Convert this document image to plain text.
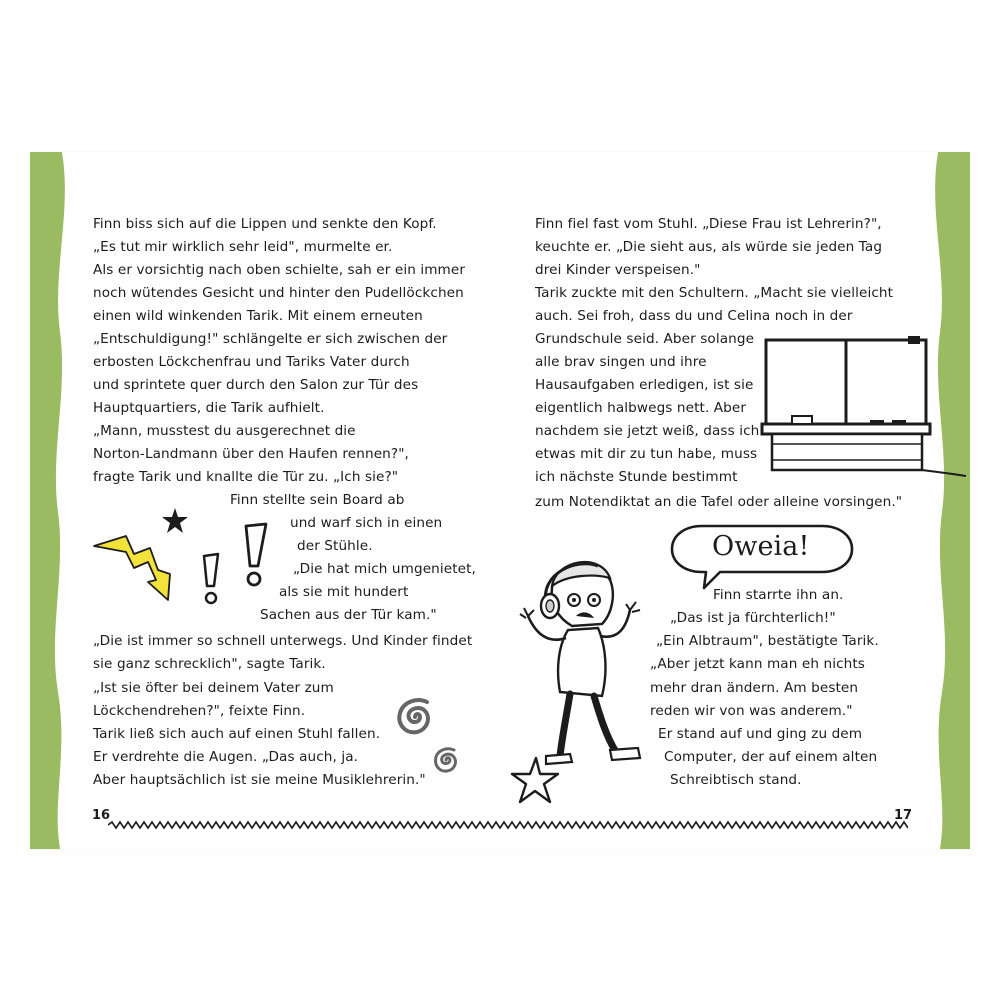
Finn biss sich auf die Lippen und senkte den Kopf.
„Es tut mir wirklich sehr leid", murmelte er.
Als er vorsichtig nach oben schielte, sah er ein immer
noch wütendes Gesicht und hinter den Pudellöckchen
einen wild winkenden Tarik. Mit einem erneuten
„Entschuldigung!" schlängelte er sich zwischen der
erbosten Löckchenfrau und Tariks Vater durch
und sprintete quer durch den Salon zur Tür des
Hauptquartiers, die Tarik aufhielt.
„Mann, musstest du ausgerechnet die
Norton-Landmann über den Haufen rennen?",
fragte Tarik und knallte die Tür zu. „Ich sie?"
Finn stellte sein Board ab
und warf sich in einen
der Stühle.
„Die hat mich umgenietet,
als sie mit hundert
Sachen aus der Tür kam."
„Die ist immer so schnell unterwegs. Und Kinder findet
sie ganz schrecklich", sagte Tarik.
„Ist sie öfter bei deinem Vater zum
Löckchendrehen?", feixte Finn.
Tarik ließ sich auch auf einen Stuhl fallen.
Er verdrehte die Augen. „Das auch, ja.
Aber hauptsächlich ist sie meine Musiklehrerin."
16
Finn fiel fast vom Stuhl. „Diese Frau ist Lehrerin?",
keuchte er. „Die sieht aus, als würde sie jeden Tag
drei Kinder verspeisen."
Tarik zuckte mit den Schultern. „Macht sie vielleicht
auch. Sei froh, dass du und Celina noch in der
Grundschule seid. Aber solange
alle brav singen und ihre
Hausaufgaben erledigen, ist sie
eigentlich halbwegs nett. Aber
nachdem sie jetzt weiß, dass ich
etwas mit dir zu tun habe, muss
ich nächste Stunde bestimmt
zum Notendiktat an die Tafel oder alleine vorsingen."
Finn starrte ihn an.
„Das ist ja fürchterlich!"
„Ein Albtraum", bestätigte Tarik.
„Aber jetzt kann man eh nichts
mehr dran ändern. Am besten
reden wir von was anderem."
Er stand auf und ging zu dem
Computer, der auf einem alten
Schreibtisch stand.
17
Oweia!
